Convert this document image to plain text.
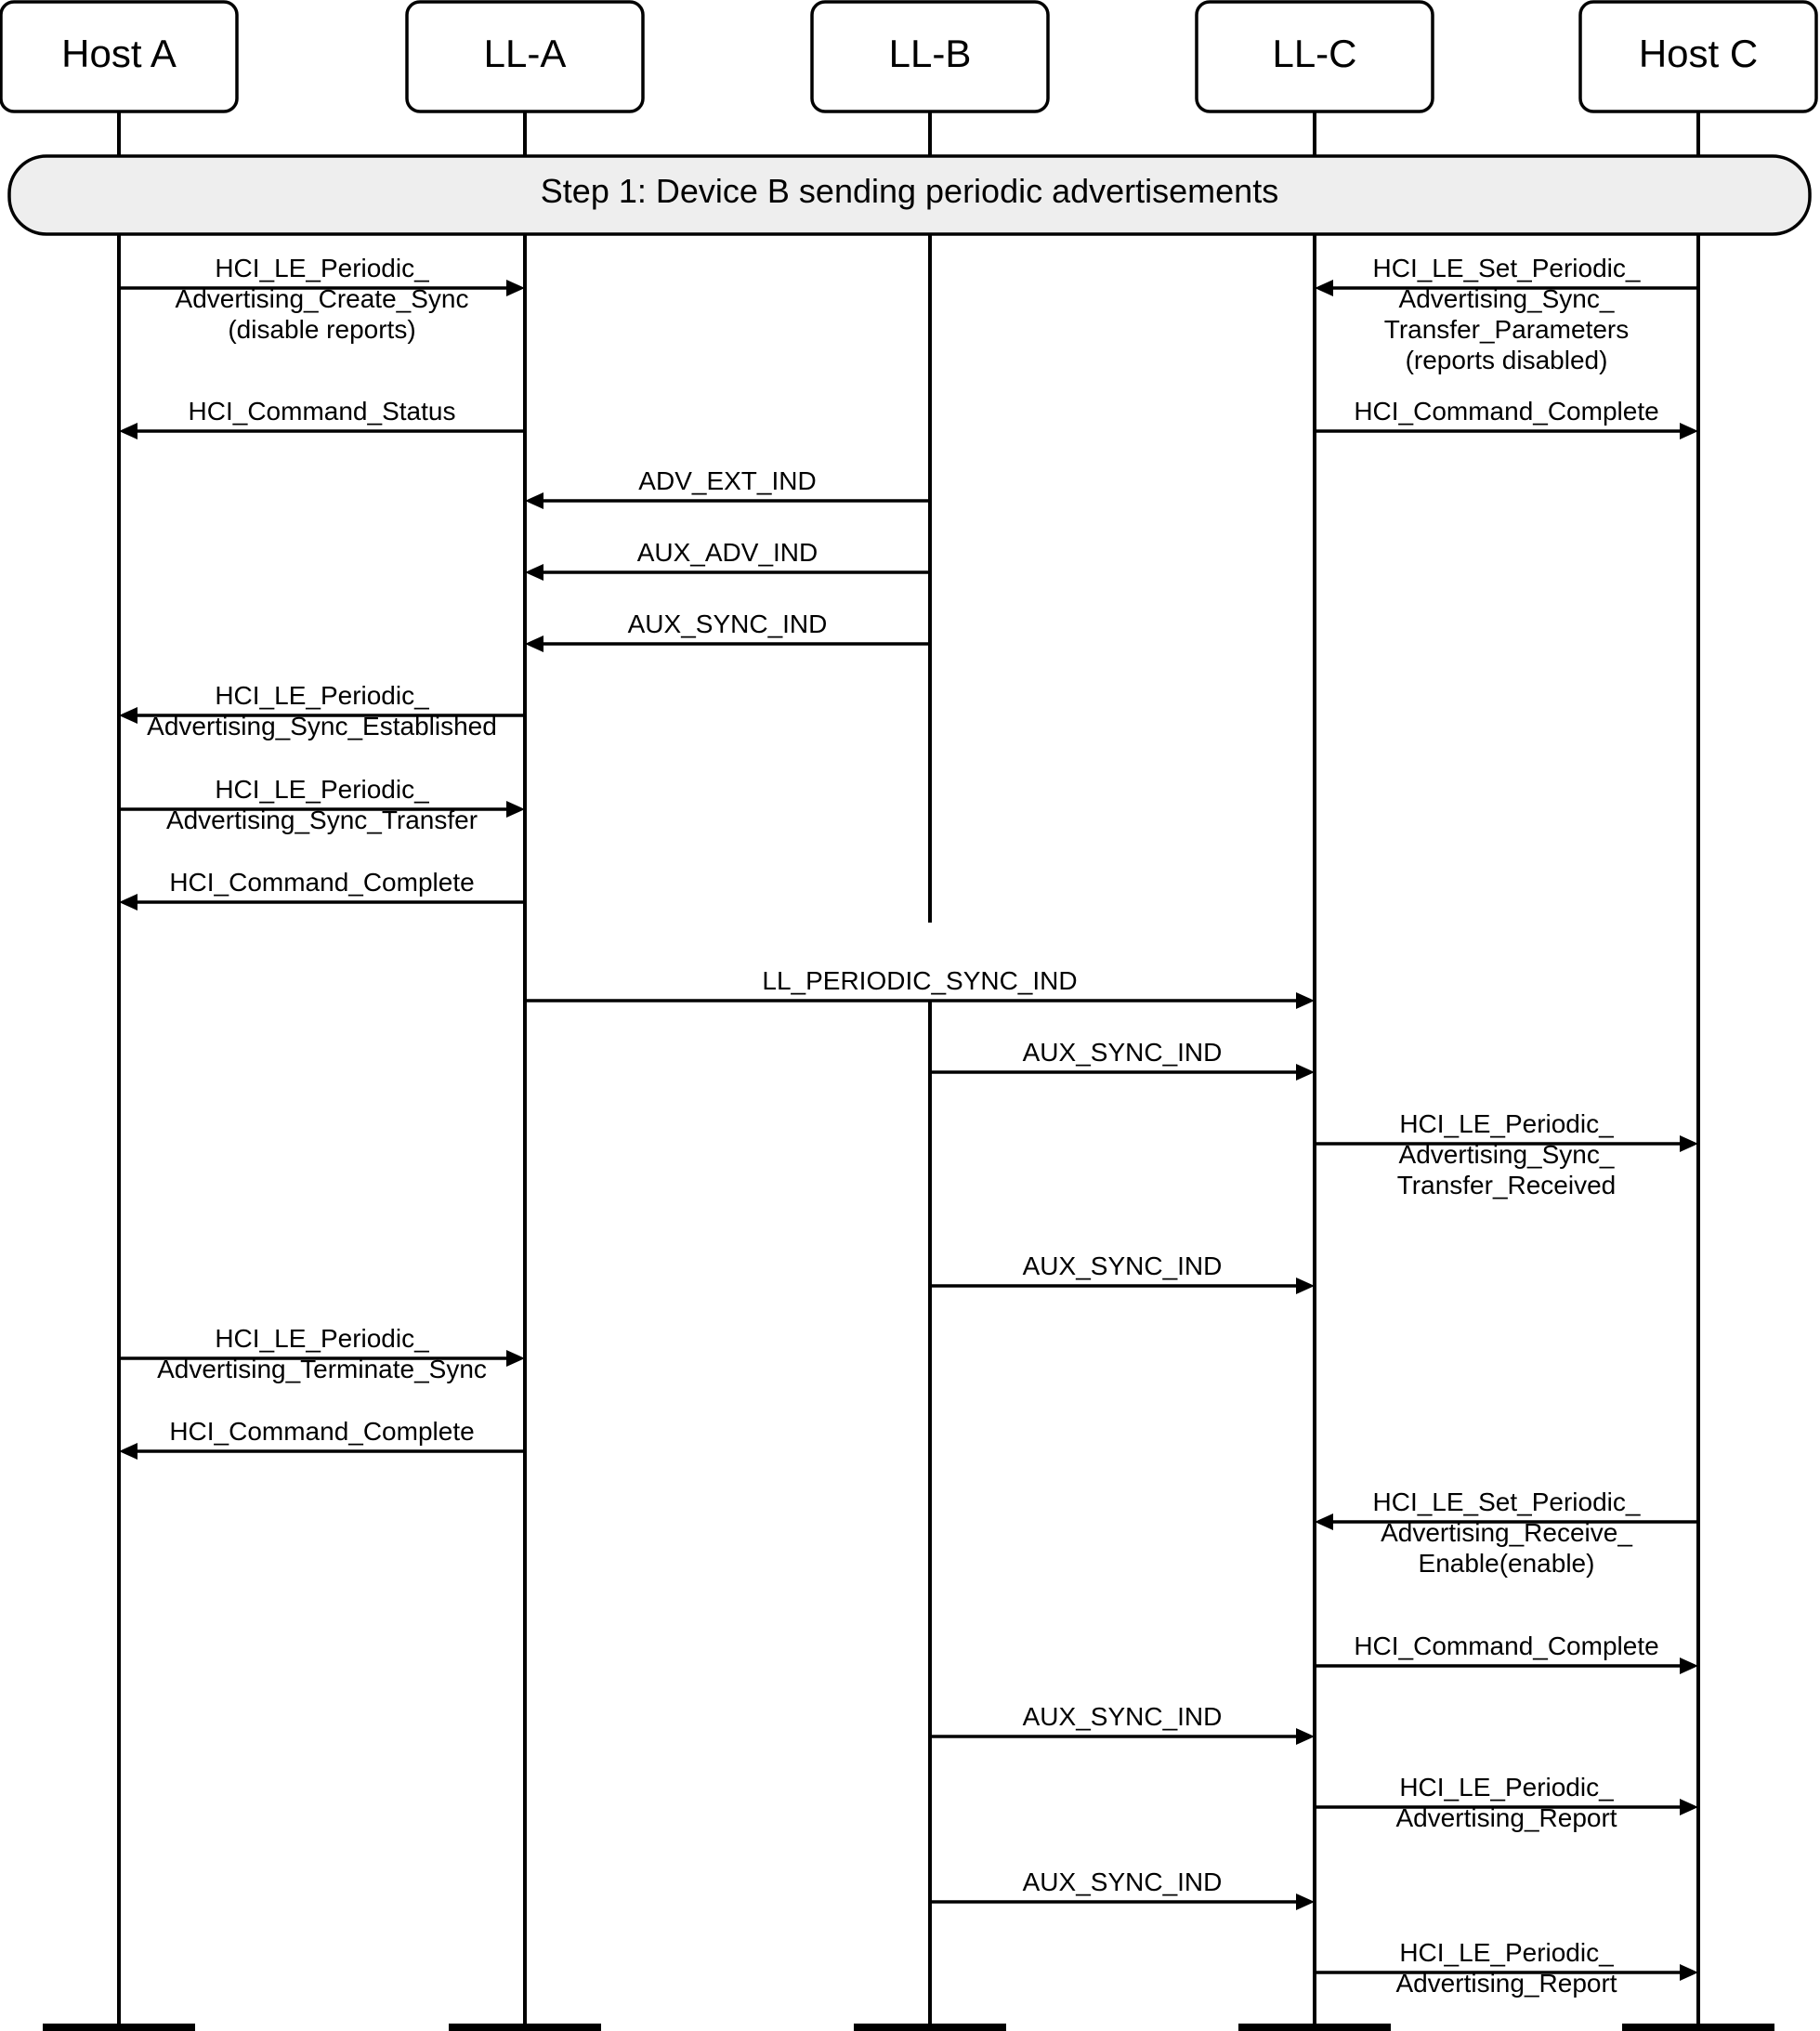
Host A	LL-A	LL-B	LL-C	Host C
Step 1: Device B sending periodic advertisements
HCI_LE_Periodic_
Advertising_Create_Sync
(disable reports)
HCI_LE_Set_Periodic_
Advertising_Sync_
Transfer_Parameters
(reports disabled)
HCI_Command_Status	HCI_Command_Complete
ADV_EXT_IND
AUX_ADV_IND
AUX_SYNC_IND
HCI_LE_Periodic_
Advertising_Sync_Established
HCI_LE_Periodic_
Advertising_Sync_Transfer
HCI_Command_Complete
LL_PERIODIC_SYNC_IND
AUX_SYNC_IND
HCI_LE_Periodic_
Advertising_Sync_
Transfer_Received
AUX_SYNC_IND
HCI_LE_Periodic_
Advertising_Terminate_Sync
HCI_Command_Complete
HCI_LE_Set_Periodic_
Advertising_Receive_
Enable(enable)
HCI_Command_Complete
AUX_SYNC_IND
HCI_LE_Periodic_
Advertising_Report
AUX_SYNC_IND
HCI_LE_Periodic_
Advertising_Report
